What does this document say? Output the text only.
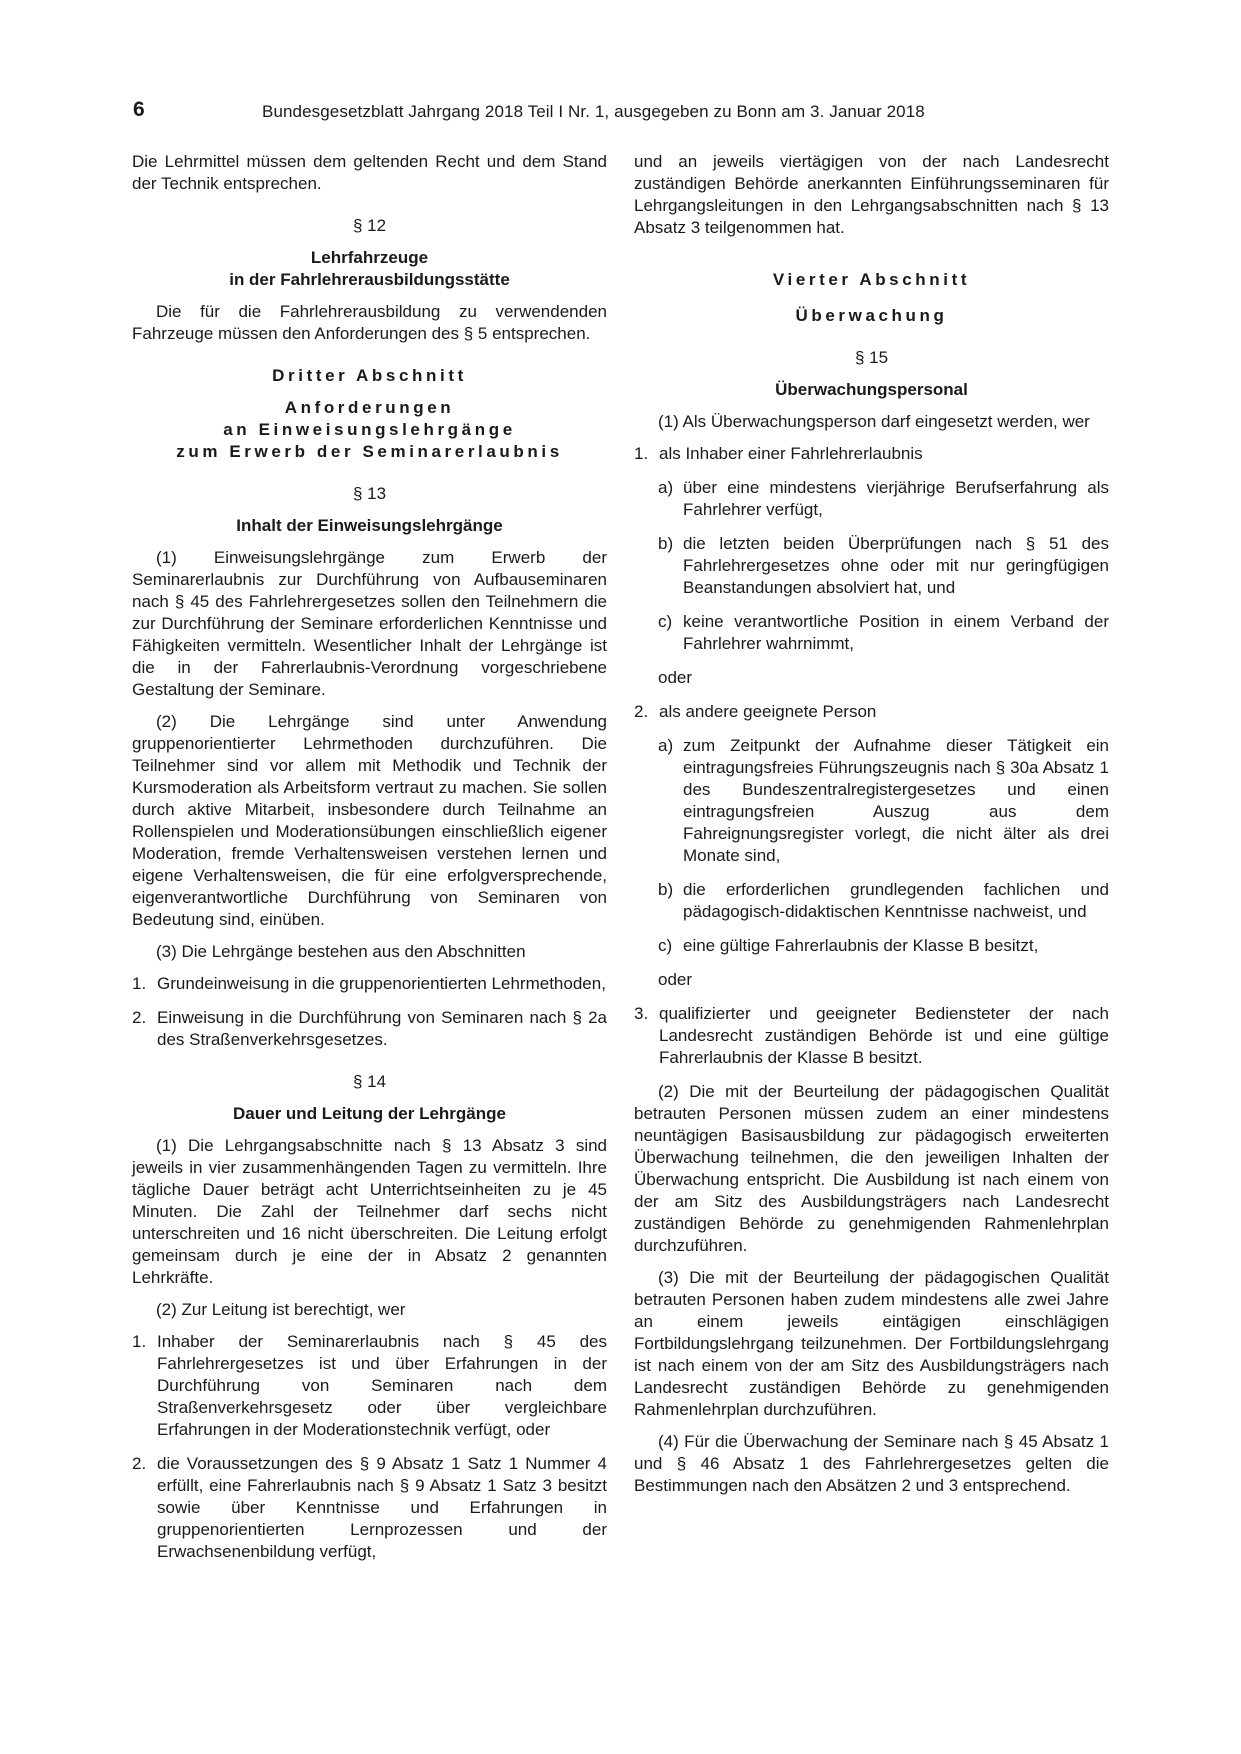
6	Bundesgesetzblatt Jahrgang 2018 Teil I Nr. 1, ausgegeben zu Bonn am 3. Januar 2018

Die Lehrmittel müssen dem geltenden Recht und dem Stand der Technik entsprechen.

§ 12
Lehrfahrzeuge
in der Fahrlehrerausbildungsstätte

Die für die Fahrlehrerausbildung zu verwendenden Fahrzeuge müssen den Anforderungen des § 5 entsprechen.

Dritter Abschnitt
Anforderungen
an Einweisungslehrgänge
zum Erwerb der Seminarerlaubnis
§ 13
Inhalt der Einweisungslehrgänge

(1) Einweisungslehrgänge zum Erwerb der Seminarerlaubnis zur Durchführung von Aufbauseminaren nach § 45 des Fahrlehrergesetzes sollen den Teilnehmern die zur Durchführung der Seminare erforderlichen Kenntnisse und Fähigkeiten vermitteln. Wesentlicher Inhalt der Lehrgänge ist die in der Fahrerlaubnis-Verordnung vorgeschriebene Gestaltung der Seminare.

(2) Die Lehrgänge sind unter Anwendung gruppenorientierter Lehrmethoden durchzuführen. Die Teilnehmer sind vor allem mit Methodik und Technik der Kursmoderation als Arbeitsform vertraut zu machen. Sie sollen durch aktive Mitarbeit, insbesondere durch Teilnahme an Rollenspielen und Moderationsübungen einschließlich eigener Moderation, fremde Verhaltensweisen verstehen lernen und eigene Verhaltensweisen, die für eine erfolgversprechende, eigenverantwortliche Durchführung von Seminaren von Bedeutung sind, einüben.

(3) Die Lehrgänge bestehen aus den Abschnitten

1. Grundeinweisung in die gruppenorientierten Lehrmethoden,
2. Einweisung in die Durchführung von Seminaren nach § 2a des Straßenverkehrsgesetzes.
§ 14
Dauer und Leitung der Lehrgänge

(1) Die Lehrgangsabschnitte nach § 13 Absatz 3 sind jeweils in vier zusammenhängenden Tagen zu vermitteln. Ihre tägliche Dauer beträgt acht Unterrichtseinheiten zu je 45 Minuten. Die Zahl der Teilnehmer darf sechs nicht unterschreiten und 16 nicht überschreiten. Die Leitung erfolgt gemeinsam durch je eine der in Absatz 2 genannten Lehrkräfte.

(2) Zur Leitung ist berechtigt, wer

1. Inhaber der Seminarerlaubnis nach § 45 des Fahrlehrergesetzes ist und über Erfahrungen in der Durchführung von Seminaren nach dem Straßenverkehrsgesetz oder über vergleichbare Erfahrungen in der Moderationstechnik verfügt, oder
2. die Voraussetzungen des § 9 Absatz 1 Satz 1 Nummer 4 erfüllt, eine Fahrerlaubnis nach § 9 Absatz 1 Satz 3 besitzt sowie über Kenntnisse und Erfahrungen in gruppenorientierten Lernprozessen und der Erwachsenenbildung verfügt,

und an jeweils viertägigen von der nach Landesrecht zuständigen Behörde anerkannten Einführungsseminaren für Lehrgangsleitungen in den Lehrgangsabschnitten nach § 13 Absatz 3 teilgenommen hat.

Vierter Abschnitt
Überwachung
§ 15
Überwachungspersonal

(1) Als Überwachungsperson darf eingesetzt werden, wer

1. als Inhaber einer Fahrlehrerlaubnis
a) über eine mindestens vierjährige Berufserfahrung als Fahrlehrer verfügt,
b) die letzten beiden Überprüfungen nach § 51 des Fahrlehrergesetzes ohne oder mit nur geringfügigen Beanstandungen absolviert hat, und
c) keine verantwortliche Position in einem Verband der Fahrlehrer wahrnimmt,
oder
2. als andere geeignete Person
a) zum Zeitpunkt der Aufnahme dieser Tätigkeit ein eintragungsfreies Führungszeugnis nach § 30a Absatz 1 des Bundeszentralregistergesetzes und einen eintragungsfreien Auszug aus dem Fahreignungsregister vorlegt, die nicht älter als drei Monate sind,
b) die erforderlichen grundlegenden fachlichen und pädagogisch-didaktischen Kenntnisse nachweist, und
c) eine gültige Fahrerlaubnis der Klasse B besitzt,
oder
3. qualifizierter und geeigneter Bediensteter der nach Landesrecht zuständigen Behörde ist und eine gültige Fahrerlaubnis der Klasse B besitzt.

(2) Die mit der Beurteilung der pädagogischen Qualität betrauten Personen müssen zudem an einer mindestens neuntägigen Basisausbildung zur pädagogisch erweiterten Überwachung teilnehmen, die den jeweiligen Inhalten der Überwachung entspricht. Die Ausbildung ist nach einem von der am Sitz des Ausbildungsträgers nach Landesrecht zuständigen Behörde zu genehmigenden Rahmenlehrplan durchzuführen.

(3) Die mit der Beurteilung der pädagogischen Qualität betrauten Personen haben zudem mindestens alle zwei Jahre an einem jeweils eintägigen einschlägigen Fortbildungslehrgang teilzunehmen. Der Fortbildungslehrgang ist nach einem von der am Sitz des Ausbildungsträgers nach Landesrecht zuständigen Behörde zu genehmigenden Rahmenlehrplan durchzuführen.

(4) Für die Überwachung der Seminare nach § 45 Absatz 1 und § 46 Absatz 1 des Fahrlehrergesetzes gelten die Bestimmungen nach den Absätzen 2 und 3 entsprechend.
